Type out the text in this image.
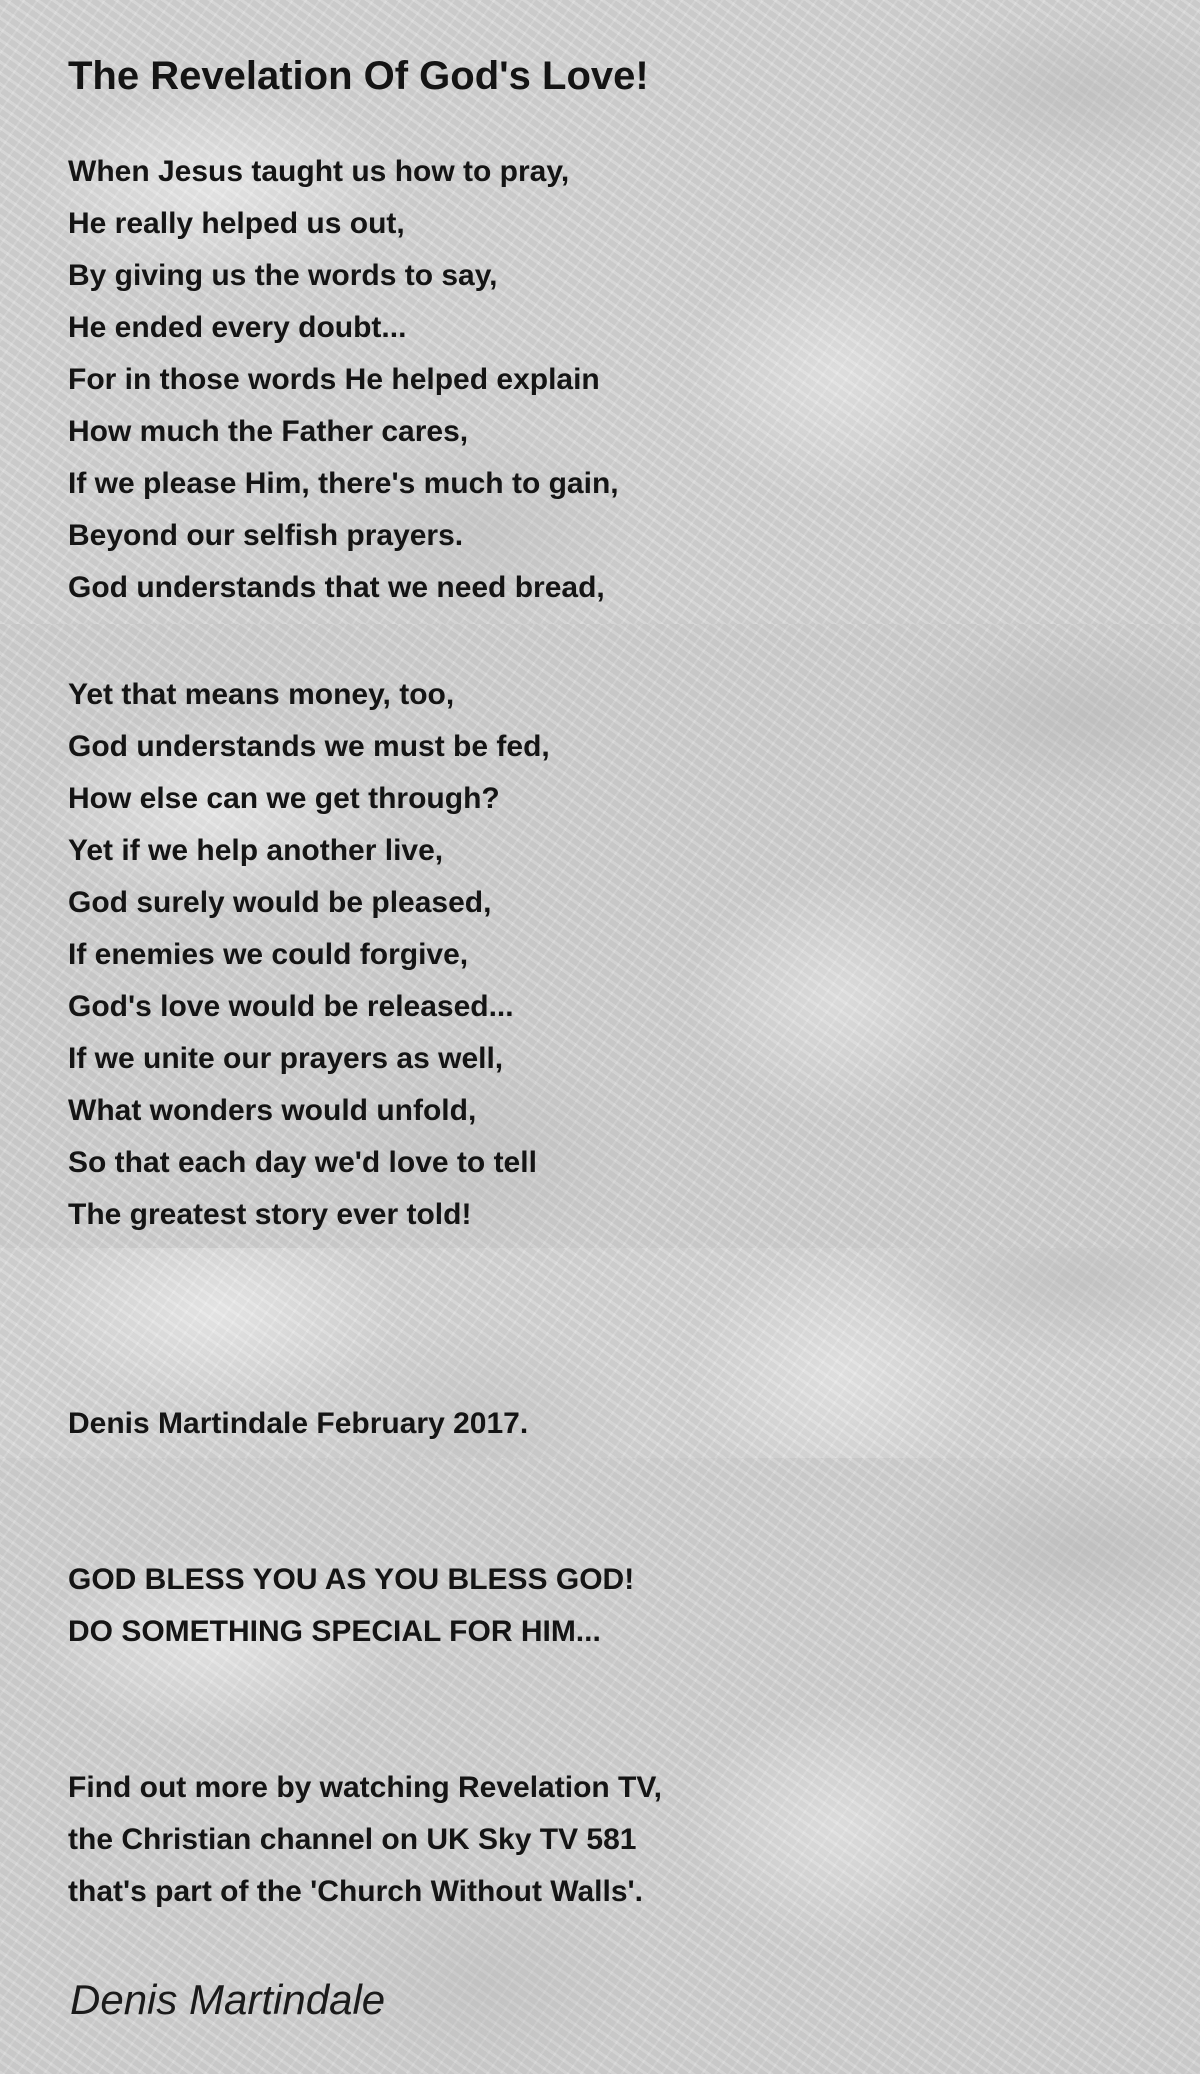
The Revelation Of God's Love!

When Jesus taught us how to pray,

He really helped us out,

By giving us the words to say,

He ended every doubt...

For in those words He helped explain

How much the Father cares,

If we please Him, there's much to gain,

Beyond our selfish prayers.

God understands that we need bread,

Yet that means money, too,

God understands we must be fed,

How else can we get through?

Yet if we help another live,

God surely would be pleased,

If enemies we could forgive,

God's love would be released...

If we unite our prayers as well,

What wonders would unfold,

So that each day we'd love to tell

The greatest story ever told!

Denis Martindale February 2017.

GOD BLESS YOU AS YOU BLESS GOD!

DO SOMETHING SPECIAL FOR HIM...

Find out more by watching Revelation TV,

the Christian channel on UK Sky TV 581

that's part of the 'Church Without Walls'.

Denis Martindale
